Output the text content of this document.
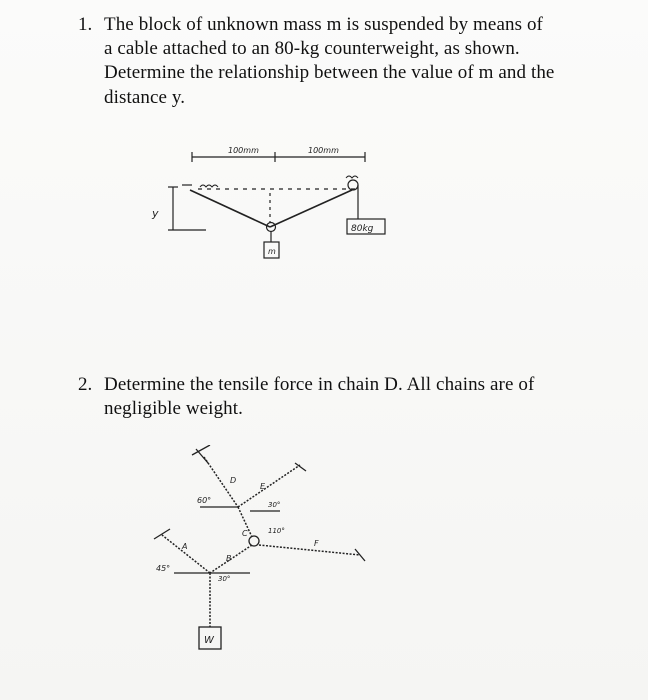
1. The block of unknown mass m is suspended by means of
a cable attached to an 80-kg counterweight, as shown.
Determine the relationship between the value of m and the
distance y.
100mm	100mm
y
m
80kg
2. Determine the tensile force in chain D. All chains are of
negligible weight.
D
E
60°	30°
C	110°
F
B
A
45°
30°
W
